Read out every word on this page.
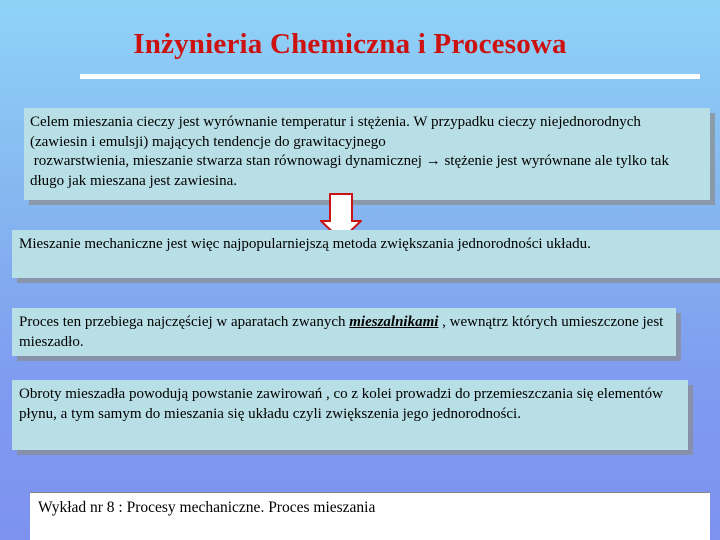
Inżynieria Chemiczna i Procesowa

Celem mieszania cieczy jest wyrównanie temperatur i stężenia. W przypadku cieczy niejednorodnych  (zawiesin i emulsji) mających tendencje do grawitacyjnego
rozwarstwienia, mieszanie stwarza stan równowagi dynamicznej → stężenie jest wyrównane ale tylko tak długo jak mieszana jest zawiesina.

Mieszanie mechaniczne jest więc najpopularniejszą metoda zwiększania jednorodności układu.

Proces ten przebiega najczęściej w aparatach zwanych mieszalnikami , wewnątrz których umieszczone jest mieszadło.

Obroty mieszadła powodują powstanie zawirowań , co z kolei prowadzi do przemieszczania się elementów płynu, a tym samym do mieszania się układu czyli zwiększenia jego jednorodności.

Wykład nr 8 : Procesy mechaniczne. Proces mieszania
